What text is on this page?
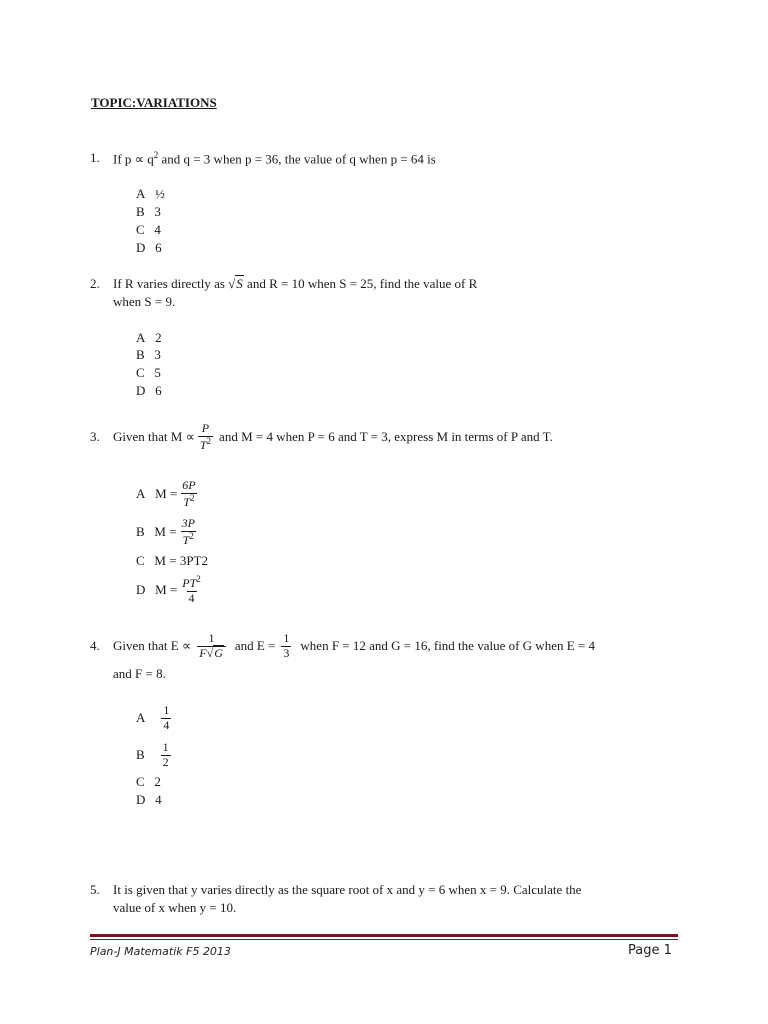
TOPIC:VARIATIONS
1. If $p \propto q^2$ and q = 3 when p = 36, the value of q when p = 64 is
A ½
B 3
C 4
D 6
2. If R varies directly as √S and R = 10 when S = 25, find the value of R
when S = 9.
A 2
B 3
C 5
D 6
3. Given that $M \propto \frac{P}{T^2}$ and M = 4 when P = 6 and T = 3, express M in terms of P and T.
A
$M = \frac{6P}{T^2}$
B
$M = \frac{3P}{T^2}$
C M = 3PT2
D
$M = \frac{PT^2}{4}$
4. Given that $E \propto \frac{1}{F√G}$ and $E = \frac{1}{3}$ when F = 12 and G = 16, find the value of G when E = 4
and F = 8.
A
$\frac{1}{4}$
B
$\frac{1}{2}$
C 2
D 4
5. It is given that y varies directly as the square root of x and y = 6 when x = 9. Calculate the
value of x when y = 10.
Plan-J Matematik F5 2013	Page 1
